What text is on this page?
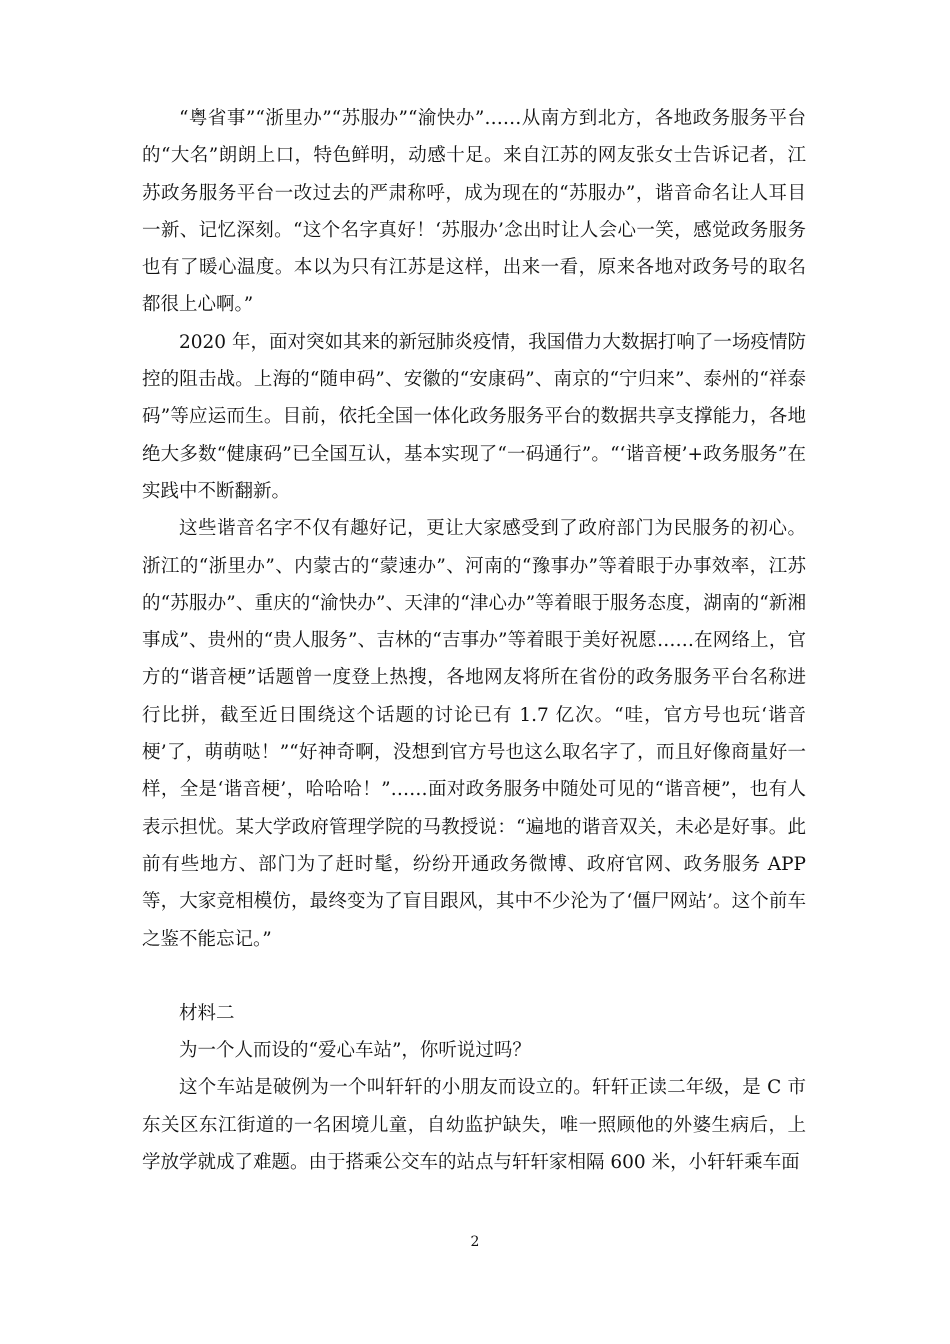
“粤省事”“浙里办”“苏服办”“渝快办”……从南方到北方，各地政务服务平台的“大名”朗朗上口，特色鲜明，动感十足。来自江苏的网友张女士告诉记者，江苏政务服务平台一改过去的严肃称呼，成为现在的“苏服办”，谐音命名让人耳目一新、记忆深刻。“这个名字真好！‘苏服办’念出时让人会心一笑，感觉政务服务也有了暖心温度。本以为只有江苏是这样，出来一看，原来各地对政务号的取名都很上心啊。”

2020 年，面对突如其来的新冠肺炎疫情，我国借力大数据打响了一场疫情防控的阻击战。上海的“随申码”、安徽的“安康码”、南京的“宁归来”、泰州的“祥泰码”等应运而生。目前，依托全国一体化政务服务平台的数据共享支撑能力，各地绝大多数“健康码”已全国互认，基本实现了“一码通行”。“‘谐音梗’+政务服务”在实践中不断翻新。

这些谐音名字不仅有趣好记，更让大家感受到了政府部门为民服务的初心。浙江的“浙里办”、内蒙古的“蒙速办”、河南的“豫事办”等着眼于办事效率，江苏的“苏服办”、重庆的“渝快办”、天津的“津心办”等着眼于服务态度，湖南的“新湘事成”、贵州的“贵人服务”、吉林的“吉事办”等着眼于美好祝愿……在网络上，官方的“谐音梗”话题曾一度登上热搜，各地网友将所在省份的政务服务平台名称进行比拼，截至近日围绕这个话题的讨论已有 1.7 亿次。“哇，官方号也玩‘谐音梗’了，萌萌哒！”“好神奇啊，没想到官方号也这么取名字了，而且好像商量好一样，全是‘谐音梗’，哈哈哈！”……面对政务服务中随处可见的“谐音梗”，也有人表示担忧。某大学政府管理学院的马教授说：“遍地的谐音双关，未必是好事。此前有些地方、部门为了赶时髦，纷纷开通政务微博、政府官网、政务服务 APP 等，大家竞相模仿，最终变为了盲目跟风，其中不少沦为了‘僵尸网站’。这个前车之鉴不能忘记。”

材料二

为一个人而设的“爱心车站”，你听说过吗？

这个车站是破例为一个叫轩轩的小朋友而设立的。轩轩正读二年级，是 C 市东关区东江街道的一名困境儿童，自幼监护缺失，唯一照顾他的外婆生病后，上学放学就成了难题。由于搭乘公交车的站点与轩轩家相隔 600 米，小轩轩乘车面

2
